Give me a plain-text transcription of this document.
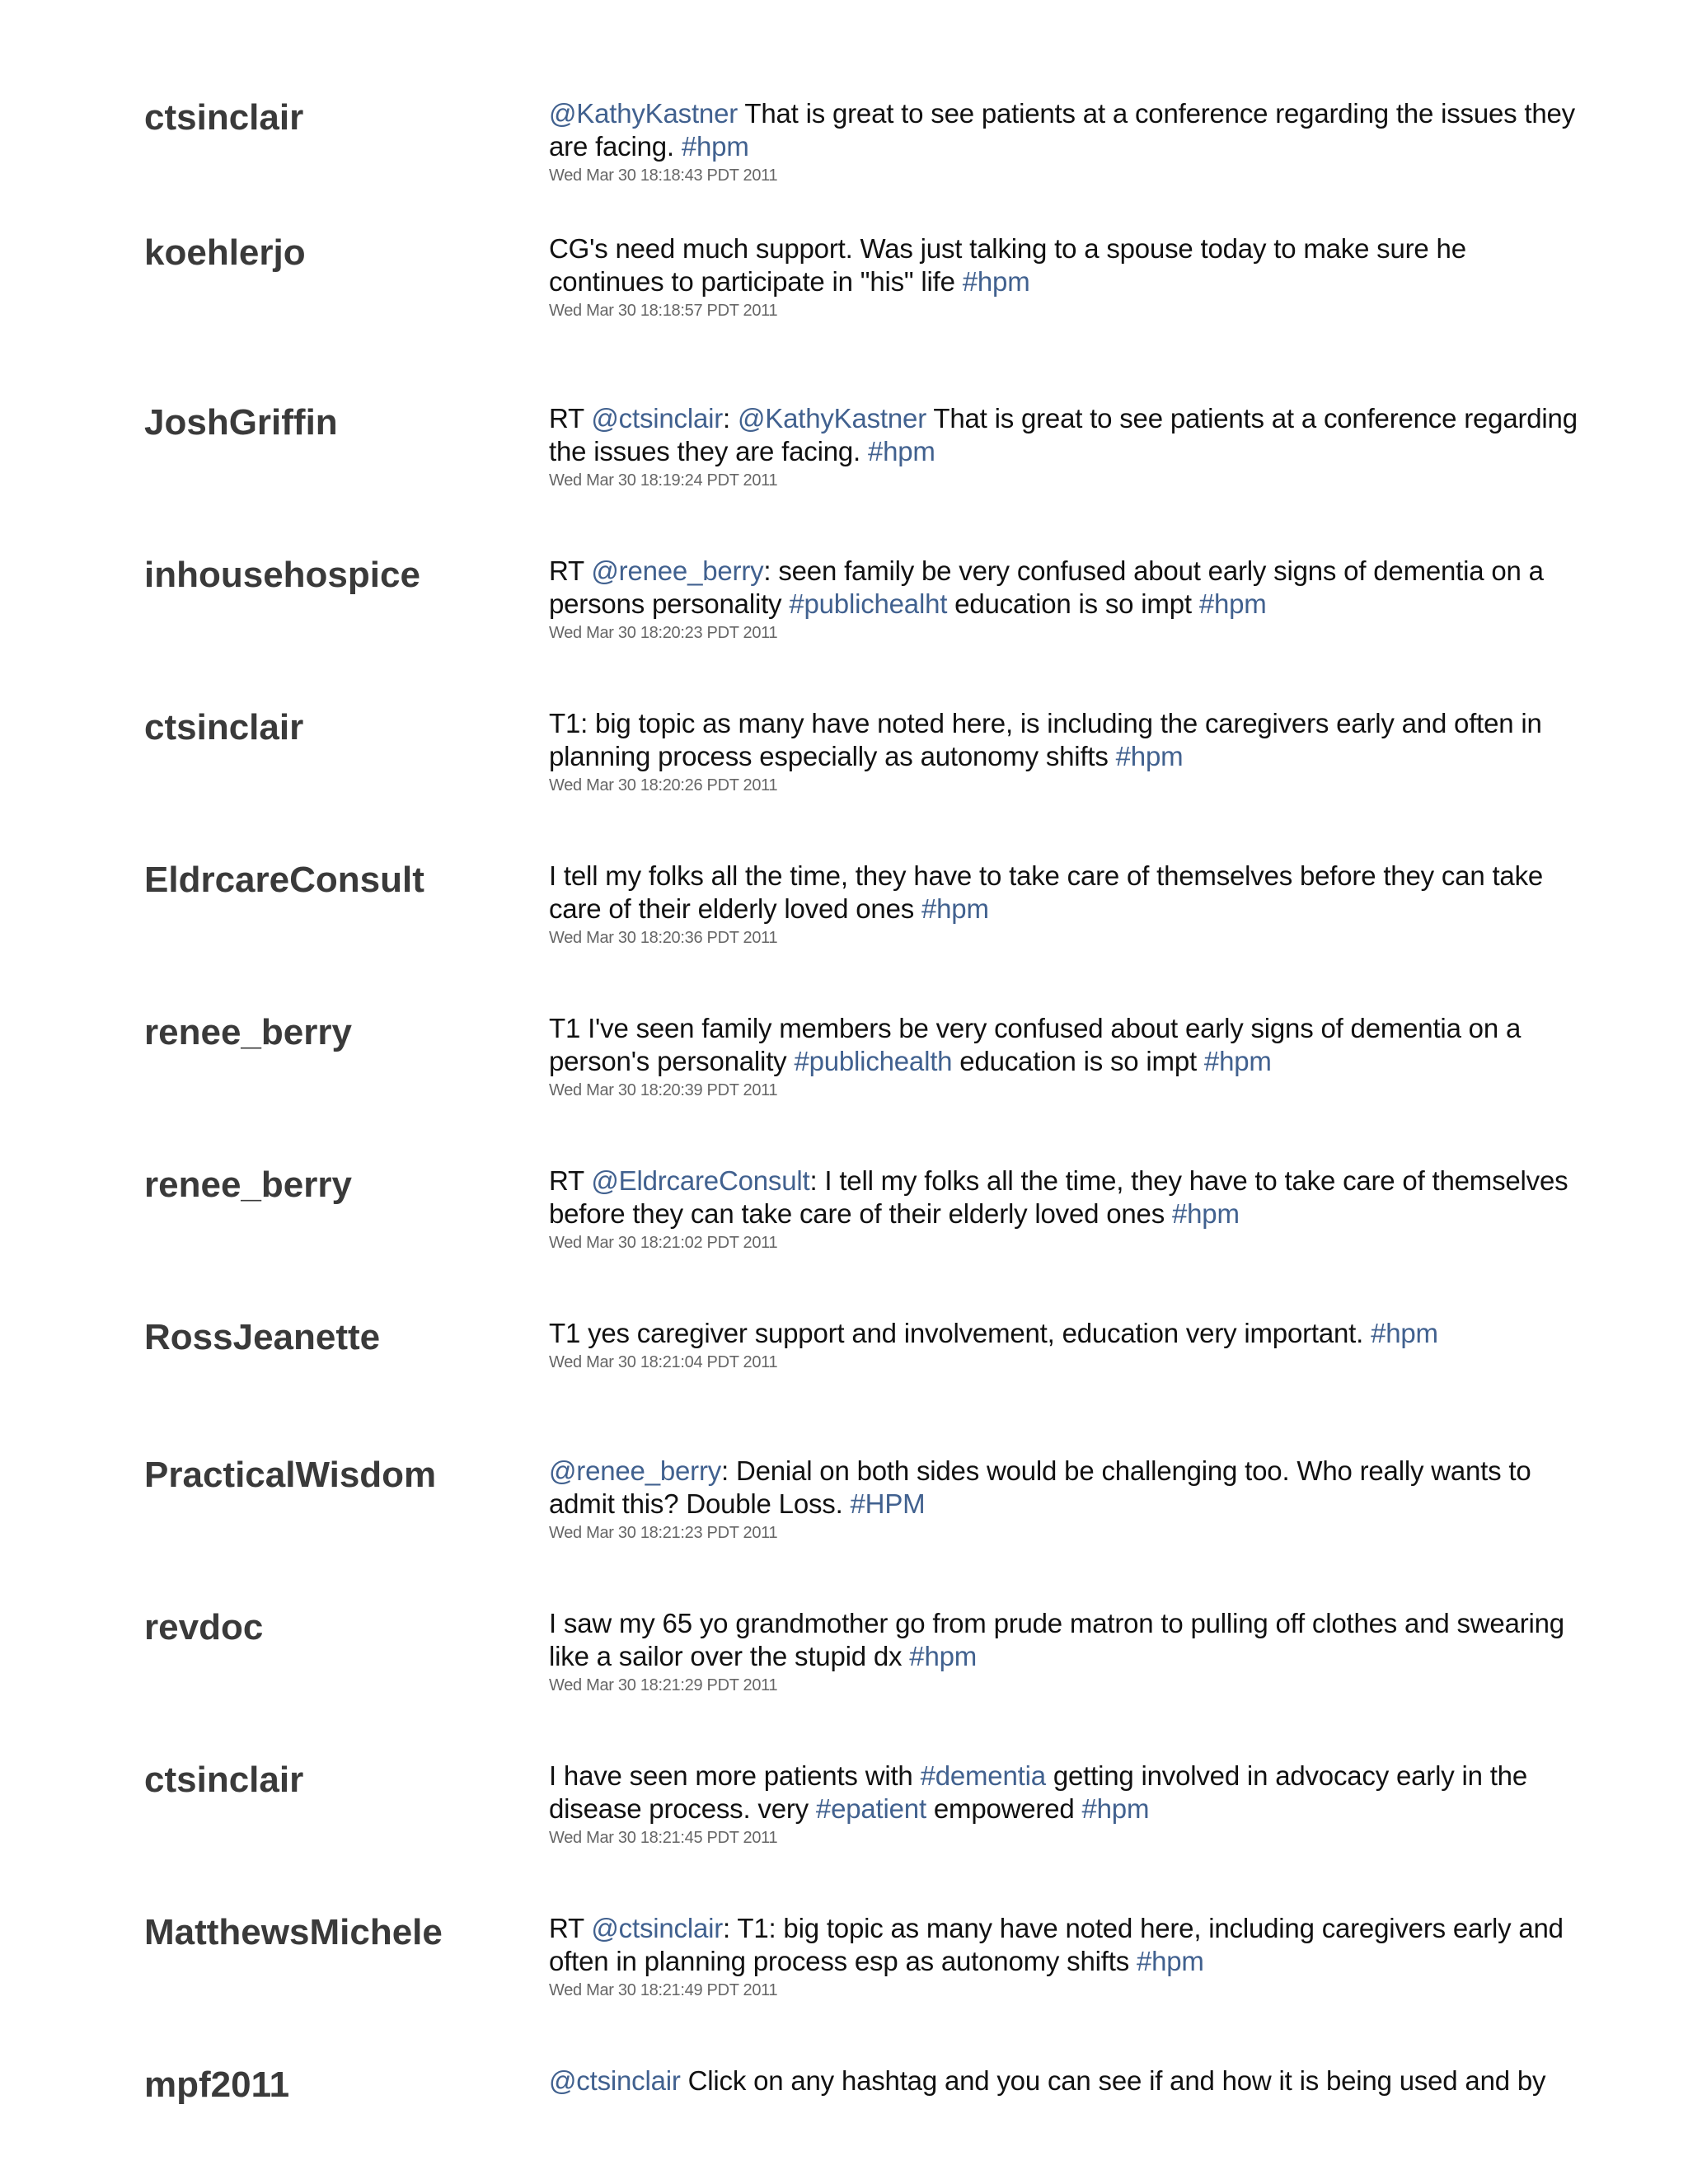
ctsinclair	@KathyKastner That is great to see patients at a conference regarding the issues they are facing. #hpm
Wed Mar 30 18:18:43 PDT 2011
koehlerjo	CG's need much support. Was just talking to a spouse today to make sure he continues to participate in "his" life #hpm
Wed Mar 30 18:18:57 PDT 2011
JoshGriffin	RT @ctsinclair: @KathyKastner That is great to see patients at a conference regarding the issues they are facing. #hpm
Wed Mar 30 18:19:24 PDT 2011
inhousehospice	RT @renee_berry: seen family be very confused about early signs of dementia on a persons personality #publichealht education is so impt #hpm
Wed Mar 30 18:20:23 PDT 2011
ctsinclair	T1: big topic as many have noted here, is including the caregivers early and often in planning process especially as autonomy shifts #hpm
Wed Mar 30 18:20:26 PDT 2011
EldrcareConsult	I tell my folks all the time, they have to take care of themselves before they can take care of their elderly loved ones #hpm
Wed Mar 30 18:20:36 PDT 2011
renee_berry	T1 I've seen family members be very confused about early signs of dementia on a person's personality #publichealth education is so impt #hpm
Wed Mar 30 18:20:39 PDT 2011
renee_berry	RT @EldrcareConsult: I tell my folks all the time, they have to take care of themselves before they can take care of their elderly loved ones #hpm
Wed Mar 30 18:21:02 PDT 2011
RossJeanette	T1 yes caregiver support and involvement, education very important. #hpm
Wed Mar 30 18:21:04 PDT 2011
PracticalWisdom	@renee_berry: Denial on both sides would be challenging too. Who really wants to admit this? Double Loss. #HPM
Wed Mar 30 18:21:23 PDT 2011
revdoc	I saw my 65 yo grandmother go from prude matron to pulling off clothes and swearing like a sailor over the stupid dx #hpm
Wed Mar 30 18:21:29 PDT 2011
ctsinclair	I have seen more patients with #dementia getting involved in advocacy early in the disease process. very #epatient empowered #hpm
Wed Mar 30 18:21:45 PDT 2011
MatthewsMichele	RT @ctsinclair: T1: big topic as many have noted here, including caregivers early and often in planning process esp as autonomy shifts #hpm
Wed Mar 30 18:21:49 PDT 2011
mpf2011	@ctsinclair Click on any hashtag and you can see if and how it is being used and by
